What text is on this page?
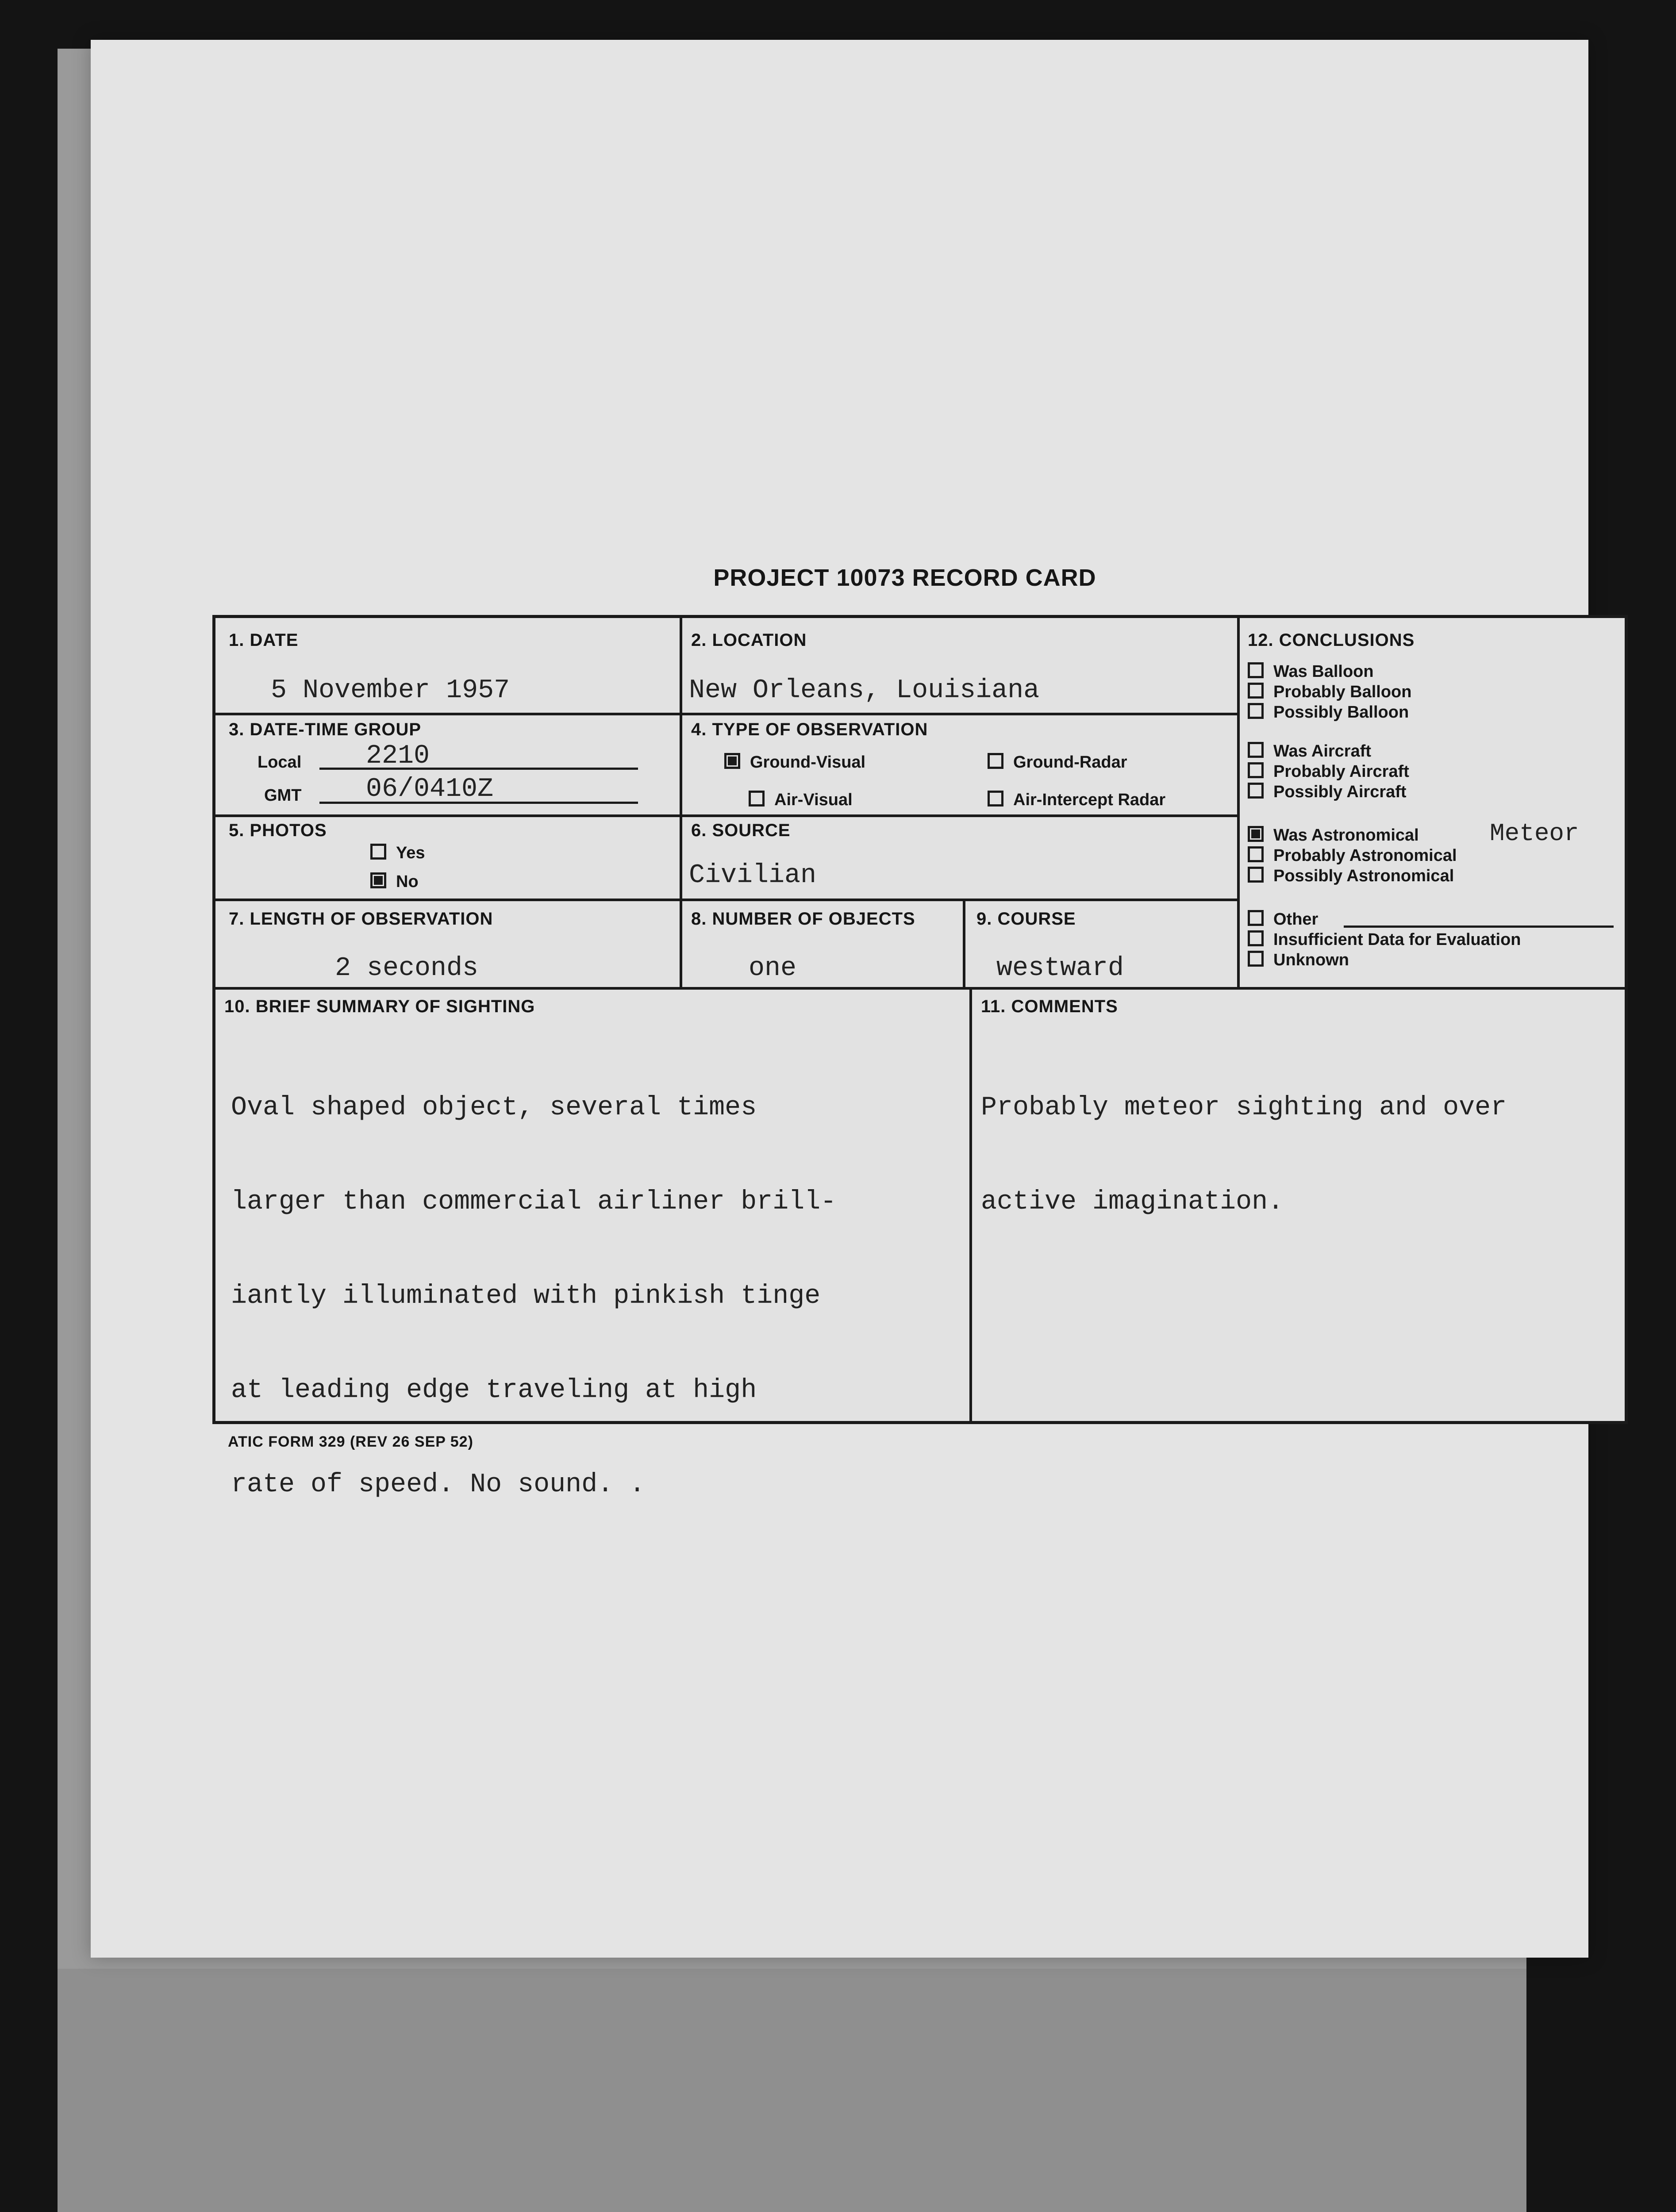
PROJECT 10073 RECORD CARD
1. DATE
5 November 1957
2. LOCATION
New Orleans, Louisiana
3. DATE-TIME GROUP
Local 2210
GMT 06/0410Z
4. TYPE OF OBSERVATION
Ground-Visual	Ground-Radar
Air-Visual	Air-Intercept Radar
5. PHOTOS
Yes
No
6. SOURCE
Civilian
7. LENGTH OF OBSERVATION
2 seconds
8. NUMBER OF OBJECTS
one
9. COURSE
westward
12. CONCLUSIONS
Was Balloon
Probably Balloon
Possibly Balloon
Was Aircraft
Probably Aircraft
Possibly Aircraft
Was Astronomical	Meteor
Probably Astronomical
Possibly Astronomical
Other
Insufficient Data for Evaluation
Unknown
10. BRIEF SUMMARY OF SIGHTING

Oval shaped object, several times

larger than commercial airliner brill-

iantly illuminated with pinkish tinge

at leading edge traveling at high

rate of speed. No sound. .

11. COMMENTS

Probably meteor sighting and over

active imagination.

ATIC FORM 329 (REV 26 SEP 52)
